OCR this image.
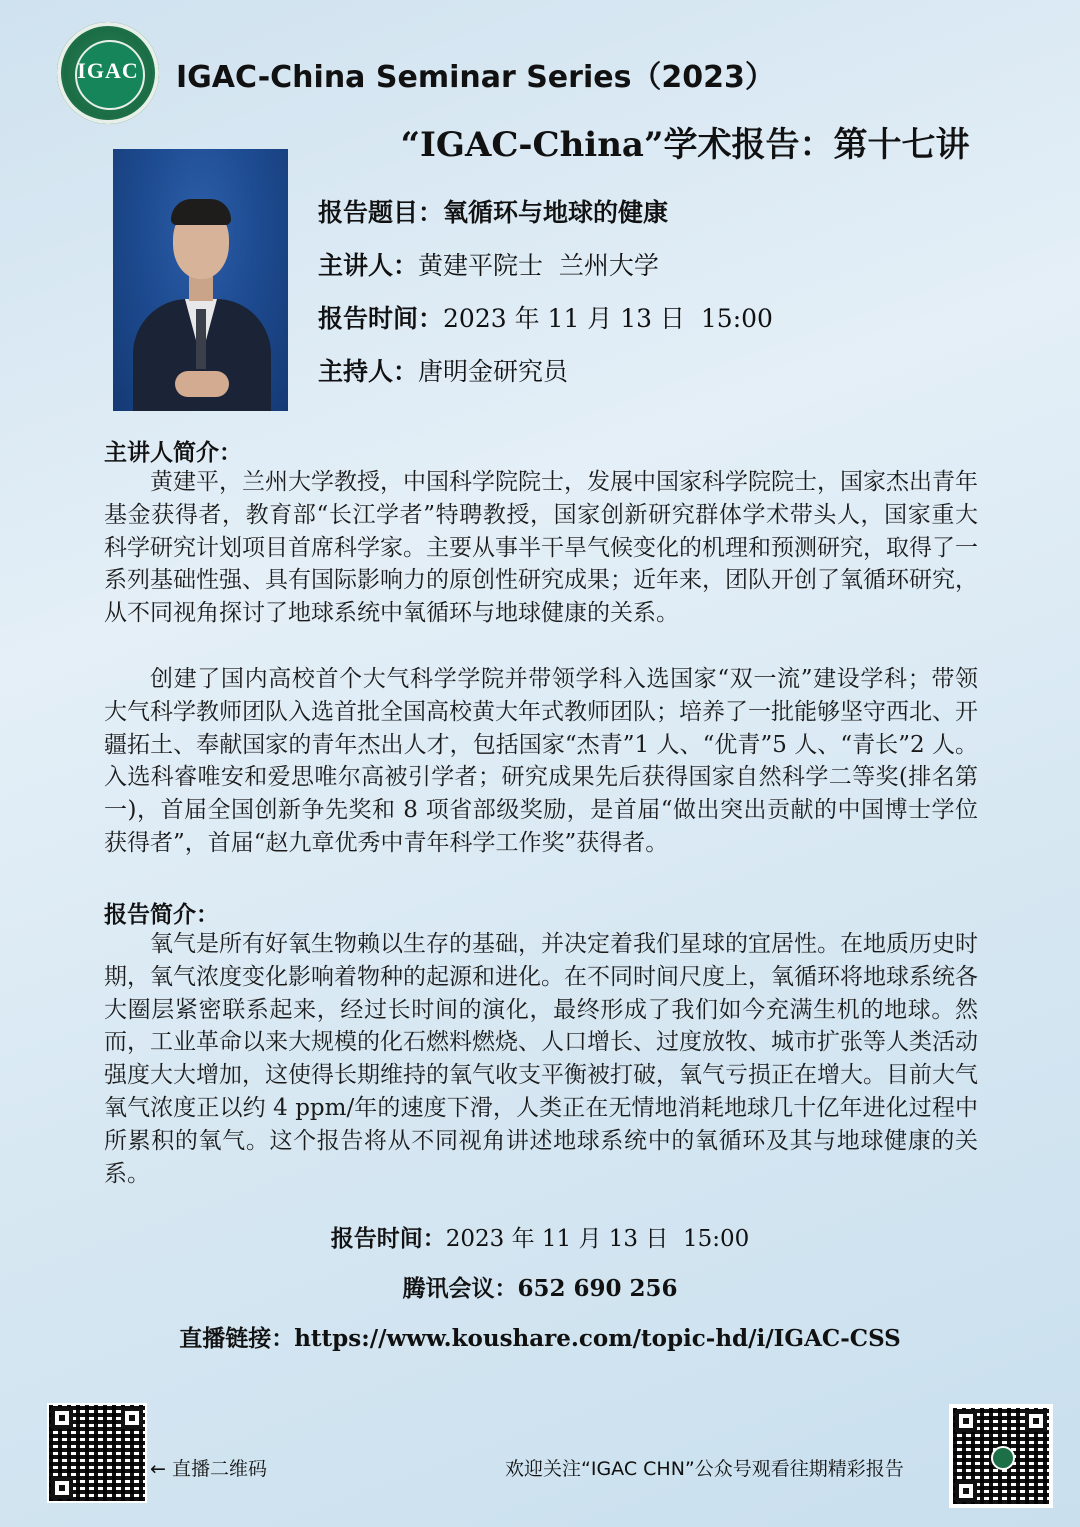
IGAC	IGAC-China Seminar Series（2023）
“IGAC-China”学术报告：第十七讲
报告题目：氧循环与地球的健康
主讲人：黄建平院士  兰州大学
报告时间：2023 年 11 月 13 日  15:00
主持人：唐明金研究员
主讲人简介：
黄建平，兰州大学教授，中国科学院院士，发展中国家科学院院士，国家杰出青年基金获得者，教育部“长江学者”特聘教授，国家创新研究群体学术带头人，国家重大科学研究计划项目首席科学家。主要从事半干旱气候变化的机理和预测研究，取得了一系列基础性强、具有国际影响力的原创性研究成果；近年来，团队开创了氧循环研究，从不同视角探讨了地球系统中氧循环与地球健康的关系。
创建了国内高校首个大气科学学院并带领学科入选国家“双一流”建设学科；带领大气科学教师团队入选首批全国高校黄大年式教师团队；培养了一批能够坚守西北、开疆拓土、奉献国家的青年杰出人才，包括国家“杰青”1 人、“优青”5 人、“青长”2 人。入选科睿唯安和爱思唯尔高被引学者；研究成果先后获得国家自然科学二等奖(排名第一)，首届全国创新争先奖和 8 项省部级奖励，是首届“做出突出贡献的中国博士学位获得者”，首届“赵九章优秀中青年科学工作奖”获得者。
报告简介：
氧气是所有好氧生物赖以生存的基础，并决定着我们星球的宜居性。在地质历史时期，氧气浓度变化影响着物种的起源和进化。在不同时间尺度上，氧循环将地球系统各大圈层紧密联系起来，经过长时间的演化，最终形成了我们如今充满生机的地球。然而，工业革命以来大规模的化石燃料燃烧、人口增长、过度放牧、城市扩张等人类活动强度大大增加，这使得长期维持的氧气收支平衡被打破，氧气亏损正在增大。目前大气氧气浓度正以约 4 ppm/年的速度下滑，人类正在无情地消耗地球几十亿年进化过程中所累积的氧气。这个报告将从不同视角讲述地球系统中的氧循环及其与地球健康的关系。
报告时间：2023 年 11 月 13 日  15:00
腾讯会议：652 690 256
直播链接：https://www.koushare.com/topic-hd/i/IGAC-CSS
← 直播二维码	欢迎关注“IGAC CHN”公众号观看往期精彩报告
